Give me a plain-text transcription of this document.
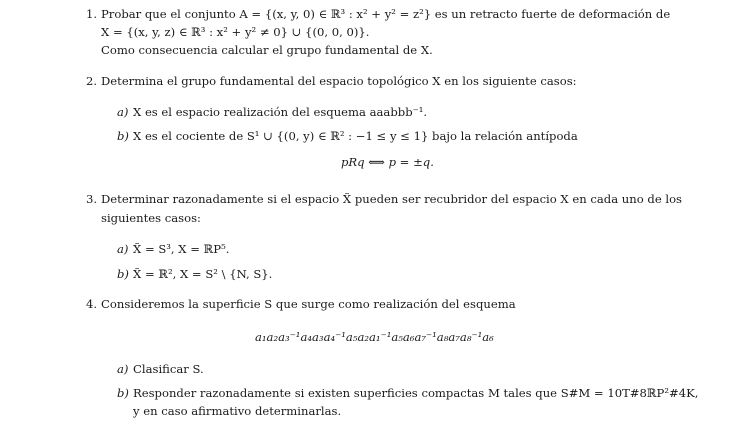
1. Probar que el conjunto A = {(x, y, 0) ∈ ℝ³ : x² + y² = z²} es un retracto fuerte de deformación de
X = {(x, y, z) ∈ ℝ³ : x² + y² ≠ 0} ∪ {(0, 0, 0)}.
Como consecuencia calcular el grupo fundamental de X.
2. Determina el grupo fundamental del espacio topológico X en los siguiente casos:
a) X es el espacio realización del esquema aaabbb⁻¹.
b) X es el cociente de S¹ ∪ {(0, y) ∈ ℝ² : −1 ≤ y ≤ 1} bajo la relación antípoda
pRq ⟺ p = ±q.
3. Determinar razonadamente si el espacio X̃ pueden ser recubridor del espacio X en cada uno de los
siguientes casos:
a) X̃ = S³, X = ℝP⁵.
b) X̃ = ℝ², X = S² \ {N, S}.
4. Consideremos la superficie S que surge como realización del esquema
a₁a₂a₃⁻¹a₄a₃a₄⁻¹a₅a₂a₁⁻¹a₅a₆a₇⁻¹a₈a₇a₈⁻¹a₆
a) Clasificar S.
b) Responder razonadamente si existen superficies compactas M tales que S#M = 10T#8ℝP²#4K,
y en caso afirmativo determinarlas.
